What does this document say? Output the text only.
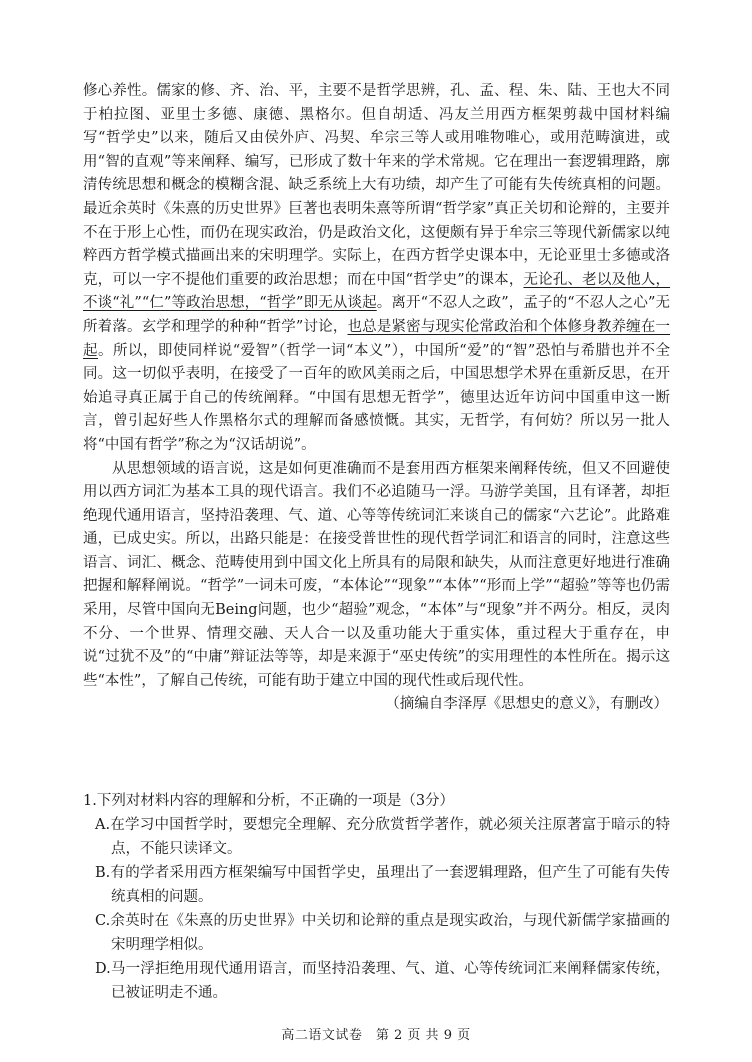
修心养性。儒家的修、齐、治、平，主要不是哲学思辨，孔、孟、程、朱、陆、王也大不同于柏拉图、亚里士多德、康德、黑格尔。但自胡适、冯友兰用西方框架剪裁中国材料编写“哲学史”以来，随后又由侯外庐、冯契、牟宗三等人或用唯物唯心，或用范畴演进，或用“智的直观”等来阐释、编写，已形成了数十年来的学术常规。它在理出一套逻辑理路，廓清传统思想和概念的模糊含混、缺乏系统上大有功绩，却产生了可能有失传统真相的问题。最近余英时《朱熹的历史世界》巨著也表明朱熹等所谓“哲学家”真正关切和论辩的，主要并不在于形上心性，而仍在现实政治，仍是政治文化，这便颇有异于牟宗三等现代新儒家以纯粹西方哲学模式描画出来的宋明理学。实际上，在西方哲学史课本中，无论亚里士多德或洛克，可以一字不提他们重要的政治思想；而在中国“哲学史”的课本，无论孔、老以及他人，不谈“礼”“仁”等政治思想，“哲学”即无从谈起。离开“不忍人之政”，孟子的“不忍人之心”无所着落。玄学和理学的种种“哲学”讨论，也总是紧密与现实伦常政治和个体修身教养缠在一起。所以，即使同样说“爱智”（哲学一词“本义”），中国所“爱”的“智”恐怕与希腊也并不全同。这一切似乎表明，在接受了一百年的欧风美雨之后，中国思想学术界在重新反思，在开始追寻真正属于自己的传统阐释。“中国有思想无哲学”，德里达近年访问中国重申这一断言，曾引起好些人作黑格尔式的理解而备感愤慨。其实，无哲学，有何妨？所以另一批人将“中国有哲学”称之为“汉话胡说”。

从思想领域的语言说，这是如何更准确而不是套用西方框架来阐释传统，但又不回避使用以西方词汇为基本工具的现代语言。我们不必追随马一浮。马游学美国，且有译著，却拒绝现代通用语言，坚持沿袭理、气、道、心等等传统词汇来谈自己的儒家“六艺论”。此路难通，已成史实。所以，出路只能是：在接受普世性的现代哲学词汇和语言的同时，注意这些语言、词汇、概念、范畴使用到中国文化上所具有的局限和缺失，从而注意更好地进行准确把握和解释阐说。“哲学”一词未可废，“本体论”“现象”“本体”“形而上学”“超验”等等也仍需采用，尽管中国向无Being问题，也少“超验”观念，“本体”与“现象”并不两分。相反，灵肉不分、一个世界、情理交融、天人合一以及重功能大于重实体，重过程大于重存在，申说“过犹不及”的“中庸”辩证法等等，却是来源于“巫史传统”的实用理性的本性所在。揭示这些“本性”，了解自己传统，可能有助于建立中国的现代性或后现代性。

（摘编自李泽厚《思想史的意义》，有删改）

1.下列对材料内容的理解和分析，不正确的一项是（3分）

A.在学习中国哲学时，要想完全理解、充分欣赏哲学著作，就必须关注原著富于暗示的特点，不能只读译文。

B.有的学者采用西方框架编写中国哲学史，虽理出了一套逻辑理路，但产生了可能有失传统真相的问题。

C.余英时在《朱熹的历史世界》中关切和论辩的重点是现实政治，与现代新儒学家描画的宋明理学相似。

D.马一浮拒绝用现代通用语言，而坚持沿袭理、气、道、心等传统词汇来阐释儒家传统，已被证明走不通。

高二语文试卷　第 2 页 共 9 页
